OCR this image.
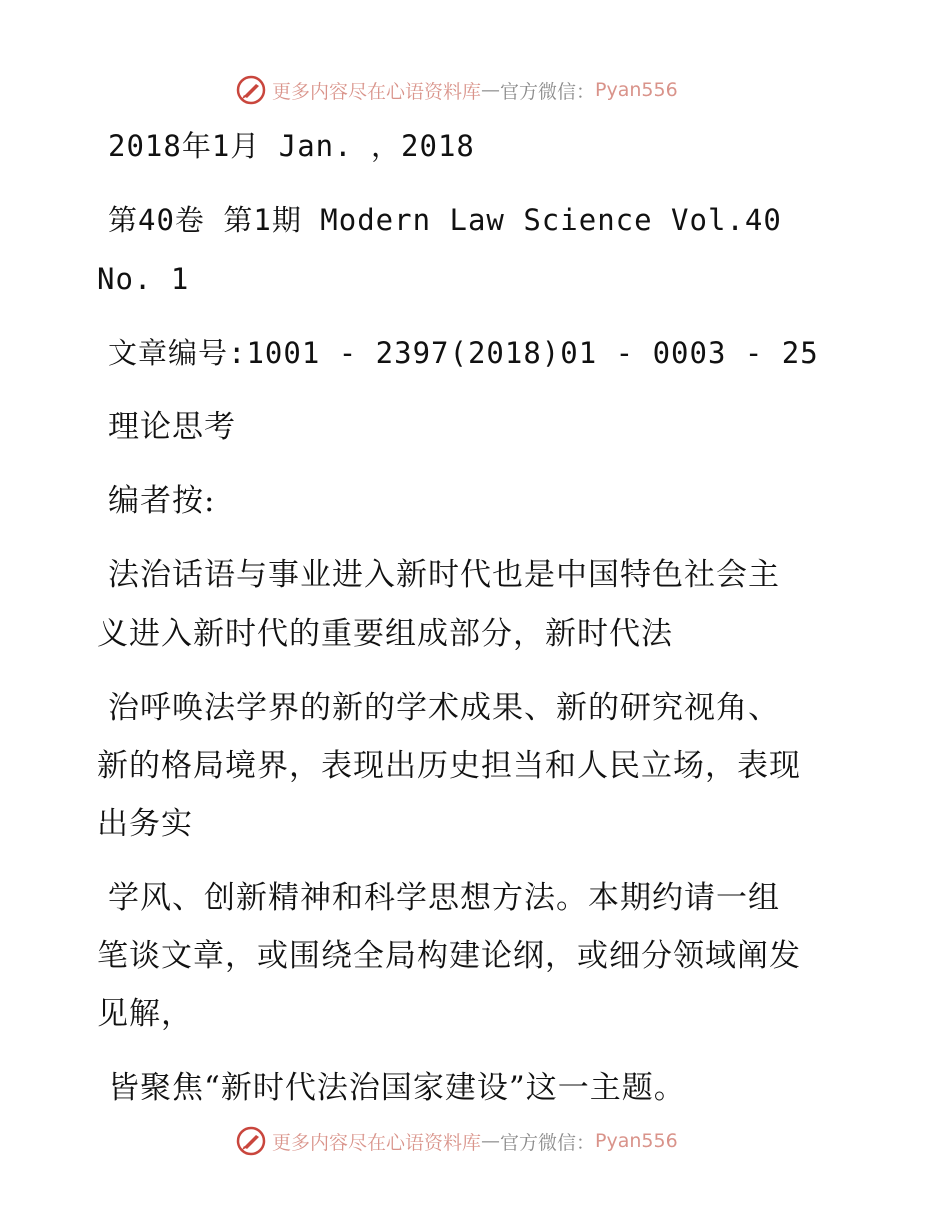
更多内容尽在心语资料库 — 官方微信： Pyan556
2018年1月 Jan. ，2018
第40卷 第1期 Modern Law Science Vol.40
No. 1
文章编号:1001 - 2397(2018)01 - 0003 - 25
理论思考
编者按:
法治话语与事业进入新时代也是中国特色社会主
义进入新时代的重要组成部分，新时代法
治呼唤法学界的新的学术成果、新的研究视角、
新的格局境界，表现出历史担当和人民立场，表现
出务实
学风、创新精神和科学思想方法。本期约请一组
笔谈文章，或围绕全局构建论纲，或细分领域阐发
见解，
皆聚焦“新时代法治国家建设”这一主题。
更多内容尽在心语资料库 — 官方微信： Pyan556
